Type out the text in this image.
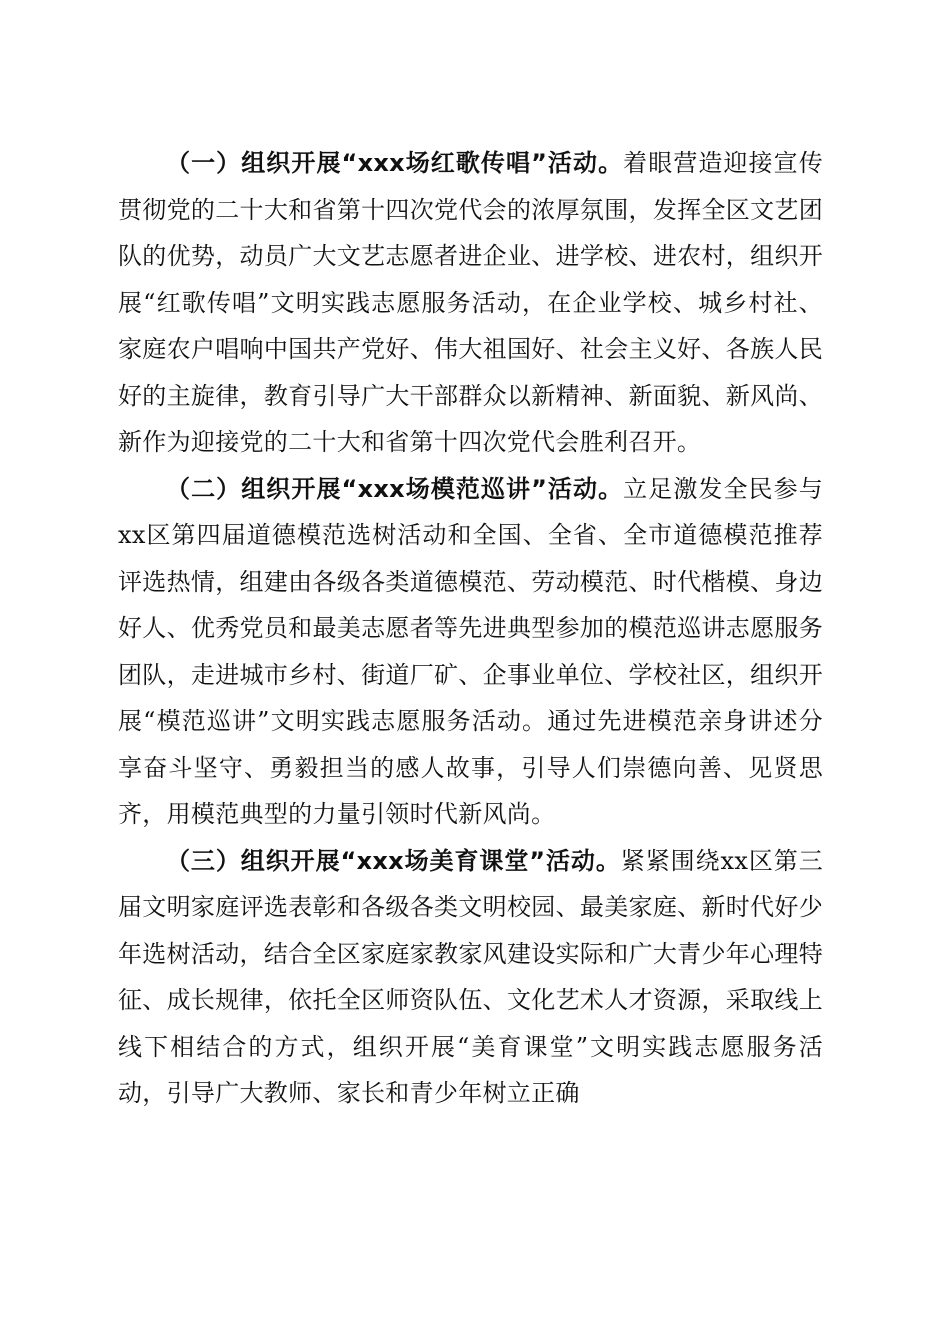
（一）组织开展“xxx场红歌传唱”活动。着眼营造迎接宣传贯彻党的二十大和省第十四次党代会的浓厚氛围，发挥全区文艺团队的优势，动员广大文艺志愿者进企业、进学校、进农村，组织开展“红歌传唱”文明实践志愿服务活动，在企业学校、城乡村社、家庭农户唱响中国共产党好、伟大祖国好、社会主义好、各族人民好的主旋律，教育引导广大干部群众以新精神、新面貌、新风尚、新作为迎接党的二十大和省第十四次党代会胜利召开。

（二）组织开展“xxx场模范巡讲”活动。立足激发全民参与xx区第四届道德模范选树活动和全国、全省、全市道德模范推荐评选热情，组建由各级各类道德模范、劳动模范、时代楷模、身边好人、优秀党员和最美志愿者等先进典型参加的模范巡讲志愿服务团队，走进城市乡村、街道厂矿、企事业单位、学校社区，组织开展“模范巡讲”文明实践志愿服务活动。通过先进模范亲身讲述分享奋斗坚守、勇毅担当的感人故事，引导人们崇德向善、见贤思齐，用模范典型的力量引领时代新风尚。

（三）组织开展“xxx场美育课堂”活动。紧紧围绕xx区第三届文明家庭评选表彰和各级各类文明校园、最美家庭、新时代好少年选树活动，结合全区家庭家教家风建设实际和广大青少年心理特征、成长规律，依托全区师资队伍、文化艺术人才资源，采取线上线下相结合的方式，组织开展“美育课堂”文明实践志愿服务活动，引导广大教师、家长和青少年树立正确
